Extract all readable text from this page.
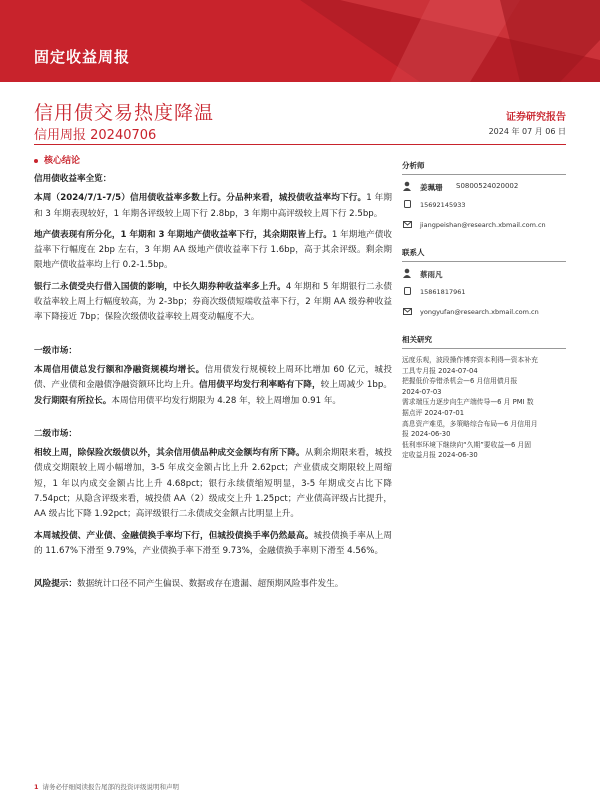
固定收益周报
信用债交易热度降温
信用周报 20240706
证券研究报告
2024 年 07 月 06 日
核心结论
信用债收益率全览：

本周（2024/7/1-7/5）信用债收益率多数上行。分品种来看，城投债收益率均下行。1 年期和 3 年期表现较好，1 年期各评级较上周下行 2.8bp，3 年期中高评级较上周下行 2.5bp。

地产债表现有所分化，1 年期和 3 年期地产债收益率下行，其余期限皆上行。1 年期地产债收益率下行幅度在 2bp 左右，3 年期 AA 级地产债收益率下行 1.6bp，高于其余评级。剩余期限地产债收益率均上行 0.2-1.5bp。

银行二永债受央行借入国债的影响，中长久期券种收益率多上升。4 年期和 5 年期银行二永债收益率较上周上行幅度较高，为 2-3bp；券商次级债短端收益率下行，2 年期 AA 级券种收益率下降接近 7bp；保险次级债收益率较上周变动幅度不大。

一级市场：

本周信用债总发行额和净融资规模均增长。信用债发行规模较上周环比增加 60 亿元，城投债、产业债和金融债净融资额环比均上升。信用债平均发行利率略有下降，较上周减少 1bp。发行期限有所拉长。本周信用债平均发行期限为 4.28 年，较上周增加 0.91 年。

二级市场：

相较上周，除保险次级债以外，其余信用债品种成交金额均有所下降。从剩余期限来看，城投债成交期限较上周小幅增加，3-5 年成交金额占比上升 2.62pct；产业债成交期限较上周缩短，1 年以内成交金额占比上升 4.68pct；银行永续债缩短明显，3-5 年期成交占比下降 7.54pct；从隐含评级来看，城投债 AA（2）级成交上升 1.25pct；产业债高评级占比提升，AA 级占比下降 1.92pct；高评级银行二永债成交金额占比明显上升。

本周城投债、产业债、金融债换手率均下行，但城投债换手率仍然最高。城投债换手率从上周的 11.67%下滑至 9.79%，产业债换手率下滑至 9.73%，金融债换手率则下滑至 4.56%。

风险提示：数据统计口径不同产生偏误、数据或存在遗漏、超预期风险事件发生。

分析师
姜珮珊 S0800524020002
15692145933
jiangpeishan@research.xbmail.com.cn
联系人
蔡雨凡
15861817961
yongyufan@research.xbmail.com.cn
相关研究
远度乐观，波段操作博弈资本利得—资本补充
工具专月报 2024-07-04
把握低价券错杀机会—6 月信用债月报
2024-07-03
需求端压力逐步向生产端传导—6 月 PMI 数
据点评 2024-07-01
高息资产难觅，多策略综合布局—6 月信用月
报 2024-06-30
低利率环境下继续向“久期”要收益—6 月固
定收益月报 2024-06-30
1 请务必仔细阅读报告尾部的投资评级说明和声明
